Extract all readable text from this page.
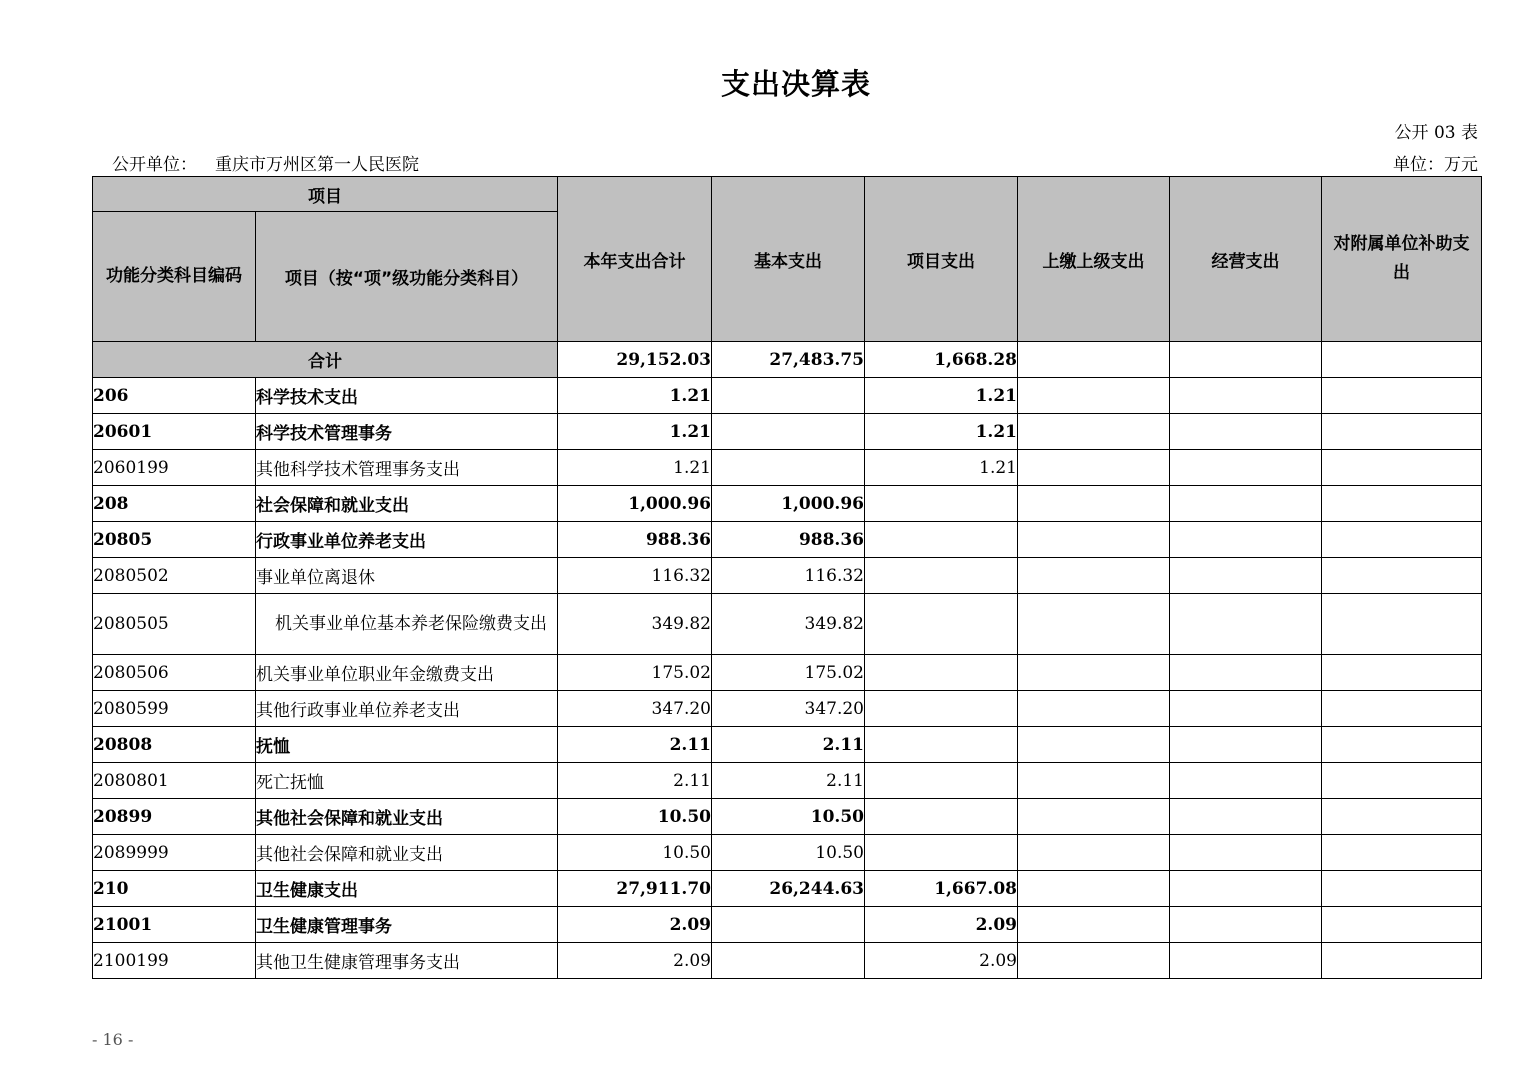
支出决算表
公开 03 表
公开单位： 重庆市万州区第一人民医院	单位：万元
项目		本年支出合计	基本支出	项目支出	上缴上级支出	经营支出	对附属单位补助支出
功能分类科目编码	项目（按“项”级功能分类科目）						
合计		29,152.03	27,483.75	1,668.28			
206	科学技术支出	1.21		1.21			
20601	科学技术管理事务	1.21		1.21			
2060199	其他科学技术管理事务支出	1.21		1.21			
208	社会保障和就业支出	1,000.96	1,000.96				
20805	行政事业单位养老支出	988.36	988.36				
2080502	事业单位离退休	116.32	116.32				
2080505	机关事业单位基本养老保险缴费支出	349.82	349.82				
2080506	机关事业单位职业年金缴费支出	175.02	175.02				
2080599	其他行政事业单位养老支出	347.20	347.20				
20808	抚恤	2.11	2.11				
2080801	死亡抚恤	2.11	2.11				
20899	其他社会保障和就业支出	10.50	10.50				
2089999	其他社会保障和就业支出	10.50	10.50				
210	卫生健康支出	27,911.70	26,244.63	1,667.08			
21001	卫生健康管理事务	2.09		2.09			
2100199	其他卫生健康管理事务支出	2.09		2.09			
- 16 -
